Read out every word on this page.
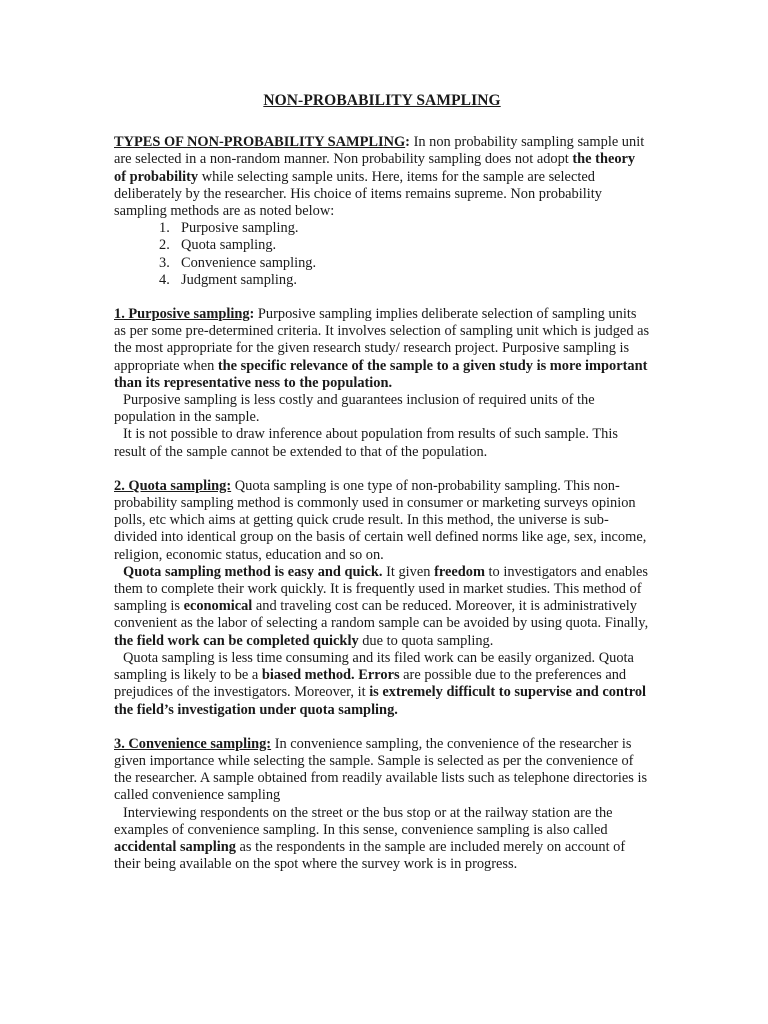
NON-PROBABILITY SAMPLING

TYPES OF NON-PROBABILITY SAMPLING: In non probability sampling sample unit are selected in a non-random manner. Non probability sampling does not adopt the theory of probability while selecting sample units. Here, items for the sample are selected deliberately by the researcher. His choice of items remains supreme. Non probability sampling methods are as noted below:

1. Purposive sampling.
2. Quota sampling.
3. Convenience sampling.
4. Judgment sampling.

1. Purposive sampling: Purposive sampling implies deliberate selection of sampling units as per some pre-determined criteria. It involves selection of sampling unit which is judged as the most appropriate for the given research study/ research project. Purposive sampling is appropriate when the specific relevance of the sample to a given study is more important than its representative ness to the population.

Purposive sampling is less costly and guarantees inclusion of required units of the population in the sample.

It is not possible to draw inference about population from results of such sample. This result of the sample cannot be extended to that of the population.

2. Quota sampling: Quota sampling is one type of non-probability sampling. This non-probability sampling method is commonly used in consumer or marketing surveys opinion polls, etc which aims at getting quick crude result. In this method, the universe is sub-divided into identical group on the basis of certain well defined norms like age, sex, income, religion, economic status, education and so on.

Quota sampling method is easy and quick. It given freedom to investigators and enables them to complete their work quickly. It is frequently used in market studies. This method of sampling is economical and traveling cost can be reduced. Moreover, it is administratively convenient as the labor of selecting a random sample can be avoided by using quota. Finally, the field work can be completed quickly due to quota sampling.

Quota sampling is less time consuming and its filed work can be easily organized. Quota sampling is likely to be a biased method. Errors are possible due to the preferences and prejudices of the investigators. Moreover, it is extremely difficult to supervise and control the field’s investigation under quota sampling.

3. Convenience sampling: In convenience sampling, the convenience of the researcher is given importance while selecting the sample. Sample is selected as per the convenience of the researcher. A sample obtained from readily available lists such as telephone directories is called convenience sampling

Interviewing respondents on the street or the bus stop or at the railway station are the examples of convenience sampling. In this sense, convenience sampling is also called accidental sampling as the respondents in the sample are included merely on account of their being available on the spot where the survey work is in progress.
